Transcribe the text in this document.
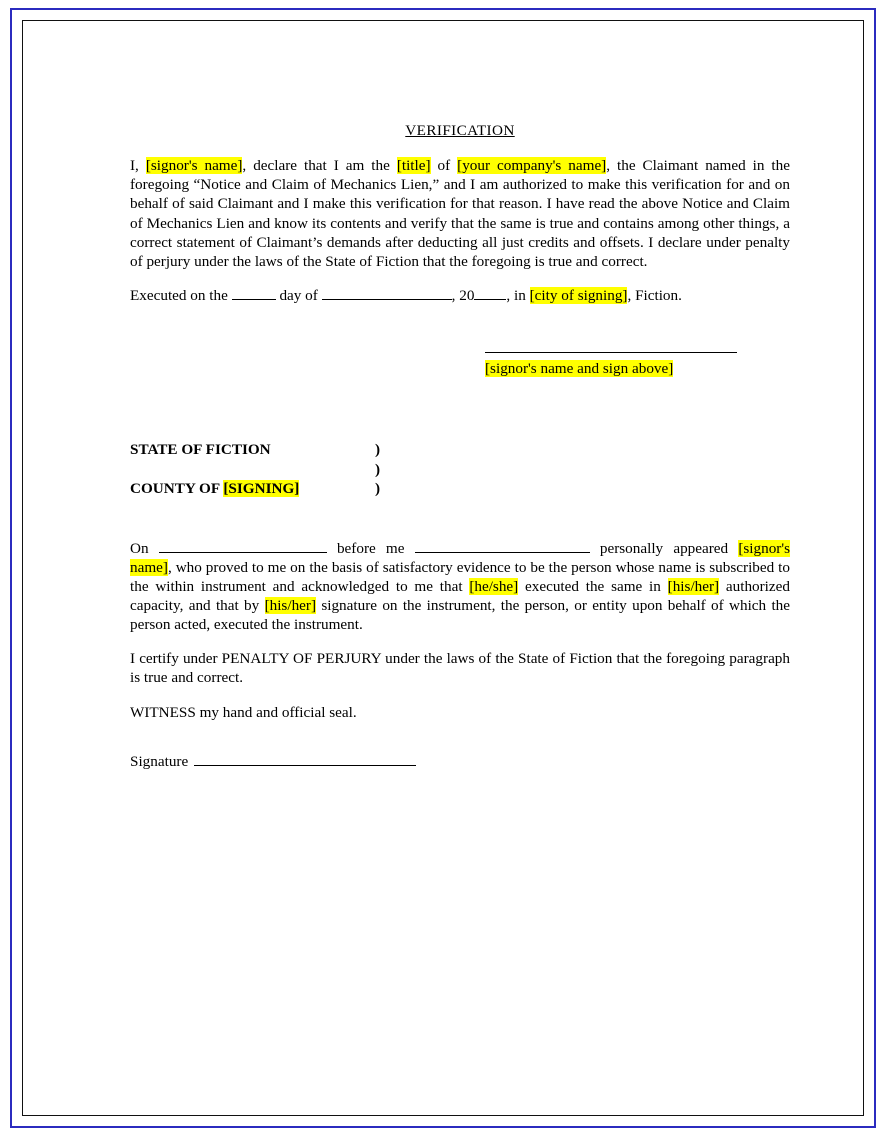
VERIFICATION

I, [signor's name], declare that I am the [title] of [your company's name], the Claimant named in the foregoing “Notice and Claim of Mechanics Lien,” and I am authorized to make this verification for and on behalf of said Claimant and I make this verification for that reason. I have read the above Notice and Claim of Mechanics Lien and know its contents and verify that the same is true and contains among other things, a correct statement of Claimant’s demands after deducting all just credits and offsets. I declare under penalty of perjury under the laws of the State of Fiction that the foregoing is true and correct.

Executed on the	day of	, 20 , in [city of signing], Fiction.

[signor's name and sign above]
STATE OF FICTION	)
)
COUNTY OF [SIGNING]	)

On	before me	personally appeared [signor's name], who proved to me on the basis of satisfactory evidence to be the person whose name is subscribed to the within instrument and acknowledged to me that [he/she] executed the same in [his/her] authorized capacity, and that by [his/her] signature on the instrument, the person, or entity upon behalf of which the person acted, executed the instrument.

I certify under PENALTY OF PERJURY under the laws of the State of Fiction that the foregoing paragraph is true and correct.

WITNESS my hand and official seal.

Signature
